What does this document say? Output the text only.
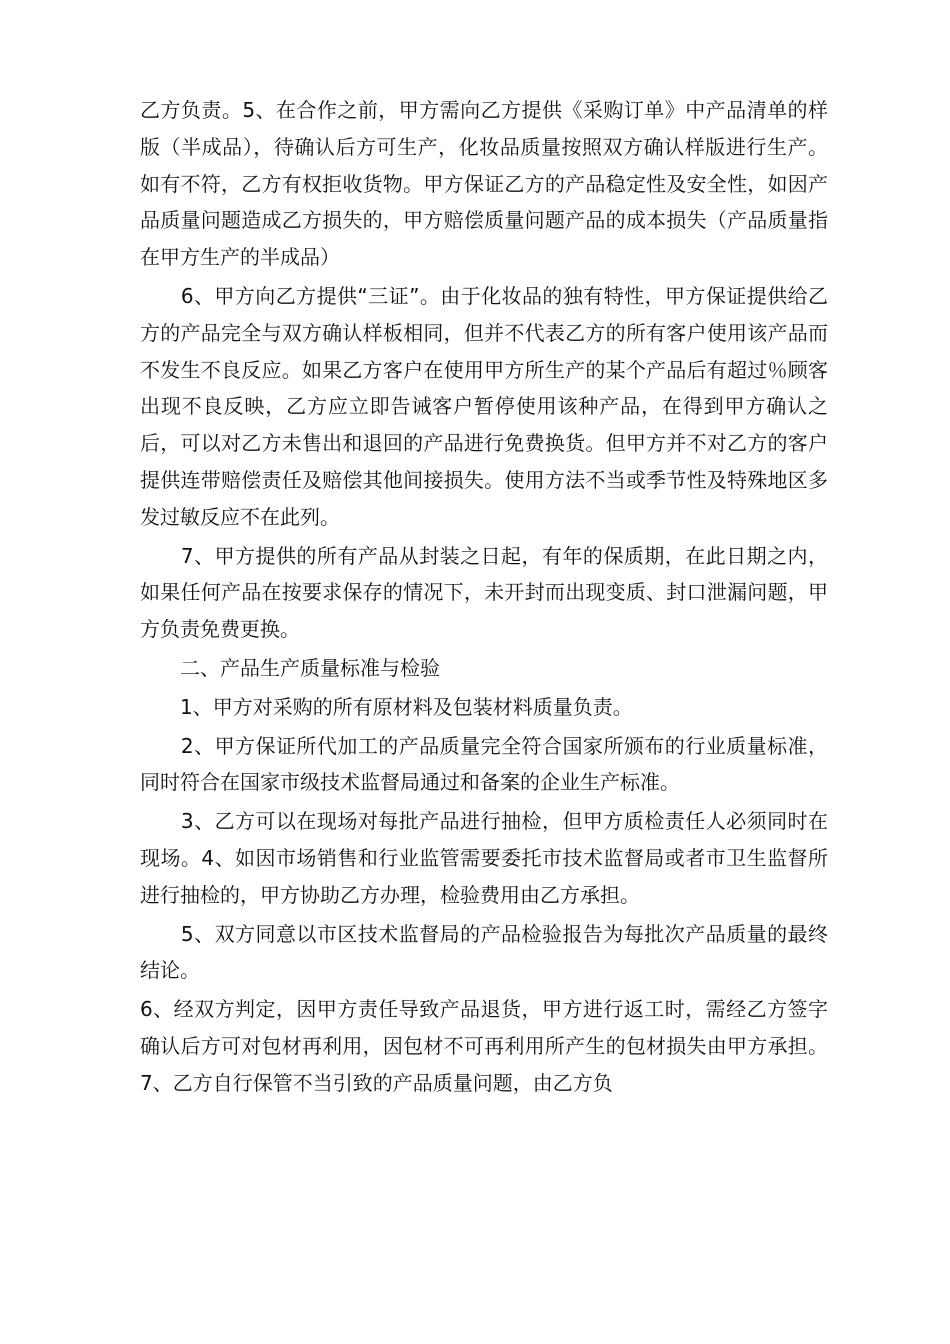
乙方负责。5、在合作之前，甲方需向乙方提供《采购订单》中产品清单的样版（半成品），待确认后方可生产，化妆品质量按照双方确认样版进行生产。如有不符，乙方有权拒收货物。甲方保证乙方的产品稳定性及安全性，如因产品质量问题造成乙方损失的，甲方赔偿质量问题产品的成本损失（产品质量指在甲方生产的半成品）

　　6、甲方向乙方提供“三证”。由于化妆品的独有特性，甲方保证提供给乙方的产品完全与双方确认样板相同，但并不代表乙方的所有客户使用该产品而不发生不良反应。如果乙方客户在使用甲方所生产的某个产品后有超过％顾客出现不良反映，乙方应立即告诫客户暂停使用该种产品，在得到甲方确认之后，可以对乙方未售出和退回的产品进行免费换货。但甲方并不对乙方的客户提供连带赔偿责任及赔偿其他间接损失。使用方法不当或季节性及特殊地区多发过敏反应不在此列。

　　7、甲方提供的所有产品从封装之日起，有年的保质期，在此日期之内，如果任何产品在按要求保存的情况下，未开封而出现变质、封口泄漏问题，甲方负责免费更换。

　　二、产品生产质量标准与检验

　　1、甲方对采购的所有原材料及包装材料质量负责。

　　2、甲方保证所代加工的产品质量完全符合国家所颁布的行业质量标准，同时符合在国家市级技术监督局通过和备案的企业生产标准。

　　3、乙方可以在现场对每批产品进行抽检，但甲方质检责任人必须同时在现场。4、如因市场销售和行业监管需要委托市技术监督局或者市卫生监督所进行抽检的，甲方协助乙方办理，检验费用由乙方承担。

　　5、双方同意以市区技术监督局的产品检验报告为每批次产品质量的最终结论。

6、经双方判定，因甲方责任导致产品退货，甲方进行返工时，需经乙方签字确认后方可对包材再利用，因包材不可再利用所产生的包材损失由甲方承担。7、乙方自行保管不当引致的产品质量问题，由乙方负
